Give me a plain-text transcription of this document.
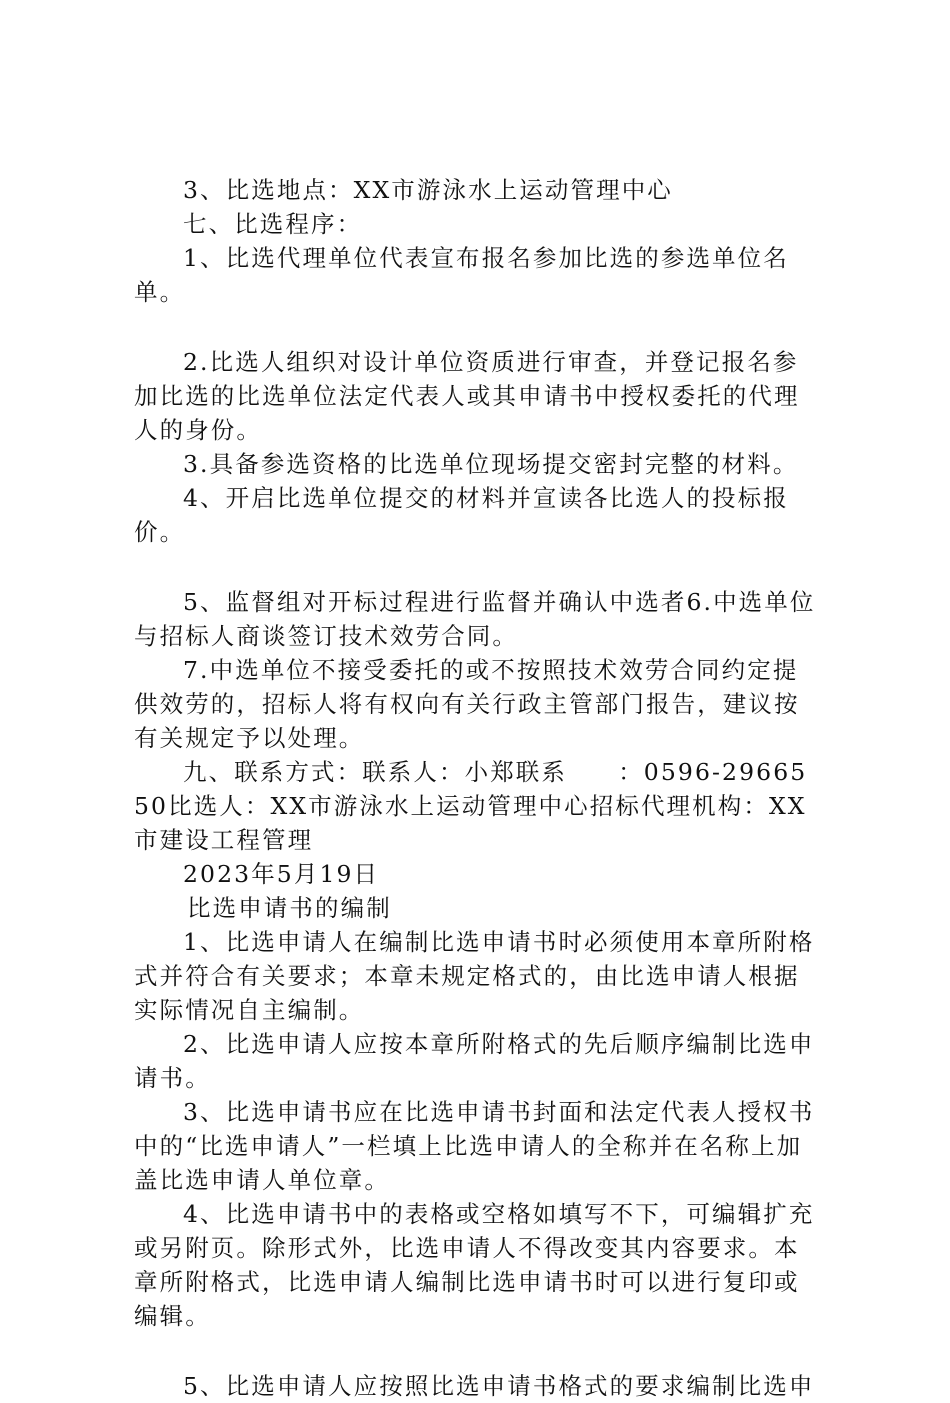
3、比选地点：XX市游泳水上运动管理中心

七、比选程序：

1、比选代理单位代表宣布报名参加比选的参选单位名单。

2.比选人组织对设计单位资质进行审查，并登记报名参加比选的比选单位法定代表人或其申请书中授权委托的代理人的身份。

3.具备参选资格的比选单位现场提交密封完整的材料。

4、开启比选单位提交的材料并宣读各比选人的投标报价。

5、监督组对开标过程进行监督并确认中选者6.中选单位与招标人商谈签订技术效劳合同。

7.中选单位不接受委托的或不按照技术效劳合同约定提供效劳的，招标人将有权向有关行政主管部门报告，建议按有关规定予以处理。

九、联系方式：联系人：小郑联系　　：0596-2966550比选人：XX市游泳水上运动管理中心招标代理机构：XX市建设工程管理

2023年5月19日

比选申请书的编制

1、比选申请人在编制比选申请书时必须使用本章所附格式并符合有关要求；本章未规定格式的，由比选申请人根据实际情况自主编制。

2、比选申请人应按本章所附格式的先后顺序编制比选申请书。

3、比选申请书应在比选申请书封面和法定代表人授权书中的“比选申请人”一栏填上比选申请人的全称并在名称上加盖比选申请人单位章。

4、比选申请书中的表格或空格如填写不下，可编辑扩充或另附页。除形式外，比选申请人不得改变其内容要求。本章所附格式，比选申请人编制比选申请书时可以进行复印或编辑。

5、比选申请人应按照比选申请书格式的要求编制比选申
